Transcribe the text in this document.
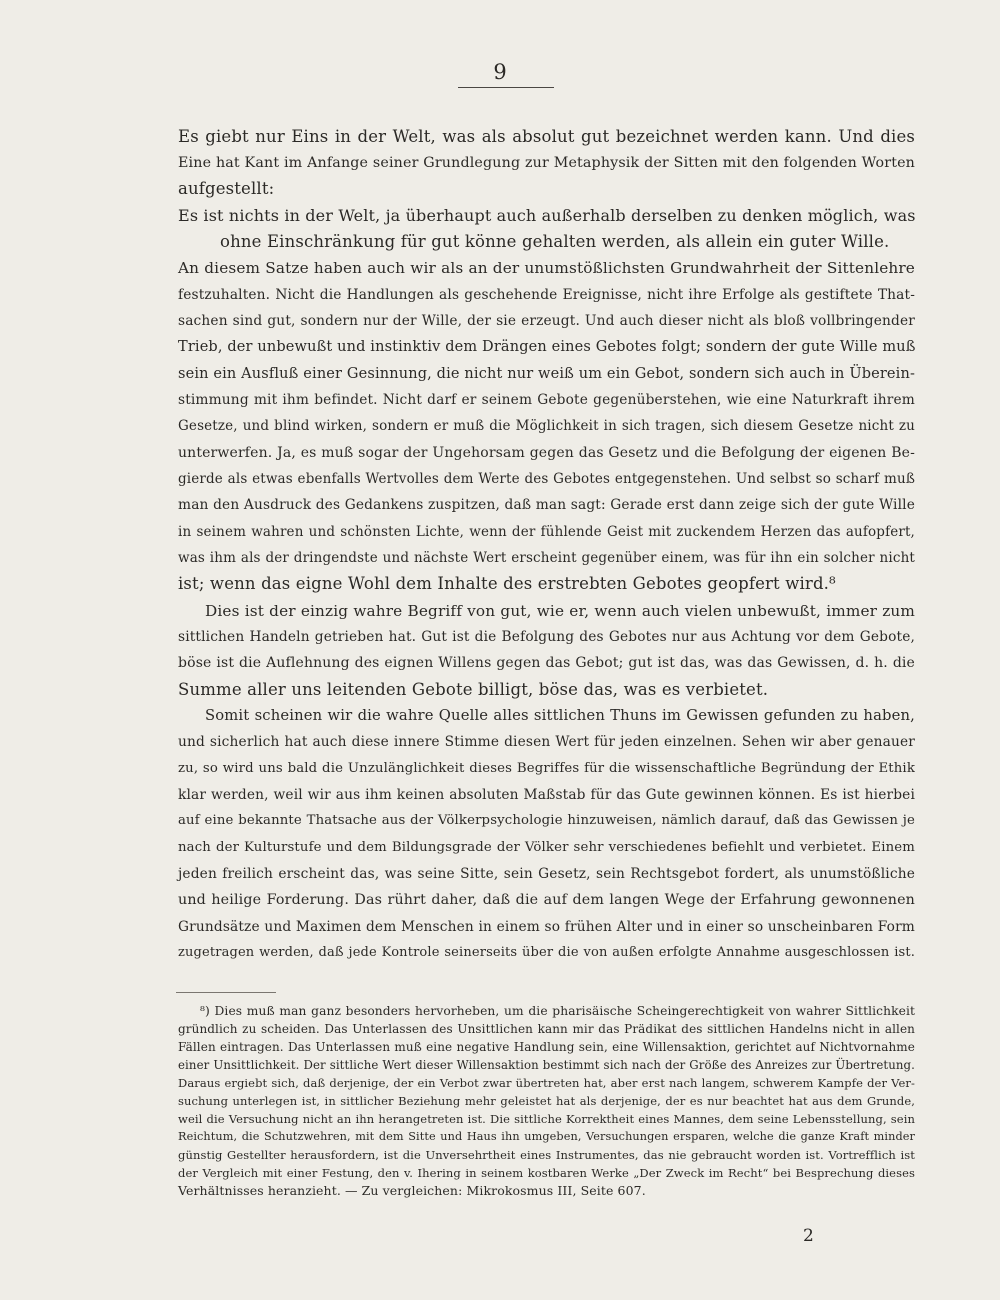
9
Es giebt nur Eins in der Welt, was als absolut gut bezeichnet werden kann. Und dies
Eine hat Kant im Anfange seiner Grundlegung zur Metaphysik der Sitten mit den folgenden Worten
aufgestellt:
Es ist nichts in der Welt, ja überhaupt auch außerhalb derselben zu denken möglich, was
ohne Einschränkung für gut könne gehalten werden, als allein ein guter Wille.
An diesem Satze haben auch wir als an der unumstößlichsten Grundwahrheit der Sittenlehre
festzuhalten. Nicht die Handlungen als geschehende Ereignisse, nicht ihre Erfolge als gestiftete That-
sachen sind gut, sondern nur der Wille, der sie erzeugt. Und auch dieser nicht als bloß vollbringender
Trieb, der unbewußt und instinktiv dem Drängen eines Gebotes folgt; sondern der gute Wille muß
sein ein Ausfluß einer Gesinnung, die nicht nur weiß um ein Gebot, sondern sich auch in Überein-
stimmung mit ihm befindet. Nicht darf er seinem Gebote gegenüberstehen, wie eine Naturkraft ihrem
Gesetze, und blind wirken, sondern er muß die Möglichkeit in sich tragen, sich diesem Gesetze nicht zu
unterwerfen. Ja, es muß sogar der Ungehorsam gegen das Gesetz und die Befolgung der eigenen Be-
gierde als etwas ebenfalls Wertvolles dem Werte des Gebotes entgegenstehen. Und selbst so scharf muß
man den Ausdruck des Gedankens zuspitzen, daß man sagt: Gerade erst dann zeige sich der gute Wille
in seinem wahren und schönsten Lichte, wenn der fühlende Geist mit zuckendem Herzen das aufopfert,
was ihm als der dringendste und nächste Wert erscheint gegenüber einem, was für ihn ein solcher nicht
ist; wenn das eigne Wohl dem Inhalte des erstrebten Gebotes geopfert wird.⁸
Dies ist der einzig wahre Begriff von gut, wie er, wenn auch vielen unbewußt, immer zum
sittlichen Handeln getrieben hat. Gut ist die Befolgung des Gebotes nur aus Achtung vor dem Gebote,
böse ist die Auflehnung des eignen Willens gegen das Gebot; gut ist das, was das Gewissen, d. h. die
Summe aller uns leitenden Gebote billigt, böse das, was es verbietet.
Somit scheinen wir die wahre Quelle alles sittlichen Thuns im Gewissen gefunden zu haben,
und sicherlich hat auch diese innere Stimme diesen Wert für jeden einzelnen. Sehen wir aber genauer
zu, so wird uns bald die Unzulänglichkeit dieses Begriffes für die wissenschaftliche Begründung der Ethik
klar werden, weil wir aus ihm keinen absoluten Maßstab für das Gute gewinnen können. Es ist hierbei
auf eine bekannte Thatsache aus der Völkerpsychologie hinzuweisen, nämlich darauf, daß das Gewissen je
nach der Kulturstufe und dem Bildungsgrade der Völker sehr verschiedenes befiehlt und verbietet. Einem
jeden freilich erscheint das, was seine Sitte, sein Gesetz, sein Rechtsgebot fordert, als unumstößliche
und heilige Forderung. Das rührt daher, daß die auf dem langen Wege der Erfahrung gewonnenen
Grundsätze und Maximen dem Menschen in einem so frühen Alter und in einer so unscheinbaren Form
zugetragen werden, daß jede Kontrole seinerseits über die von außen erfolgte Annahme ausgeschlossen ist.
⁸) Dies muß man ganz besonders hervorheben, um die pharisäische Scheingerechtigkeit von wahrer Sittlichkeit
gründlich zu scheiden. Das Unterlassen des Unsittlichen kann mir das Prädikat des sittlichen Handelns nicht in allen
Fällen eintragen. Das Unterlassen muß eine negative Handlung sein, eine Willensaktion, gerichtet auf Nichtvornahme
einer Unsittlichkeit. Der sittliche Wert dieser Willensaktion bestimmt sich nach der Größe des Anreizes zur Übertretung.
Daraus ergiebt sich, daß derjenige, der ein Verbot zwar übertreten hat, aber erst nach langem, schwerem Kampfe der Ver-
suchung unterlegen ist, in sittlicher Beziehung mehr geleistet hat als derjenige, der es nur beachtet hat aus dem Grunde,
weil die Versuchung nicht an ihn herangetreten ist. Die sittliche Korrektheit eines Mannes, dem seine Lebensstellung, sein
Reichtum, die Schutzwehren, mit dem Sitte und Haus ihn umgeben, Versuchungen ersparen, welche die ganze Kraft minder
günstig Gestellter herausfordern, ist die Unversehrtheit eines Instrumentes, das nie gebraucht worden ist. Vortrefflich ist
der Vergleich mit einer Festung, den v. Ihering in seinem kostbaren Werke „Der Zweck im Recht“ bei Besprechung dieses
Verhältnisses heranzieht. — Zu vergleichen: Mikrokosmus III, Seite 607.
2
